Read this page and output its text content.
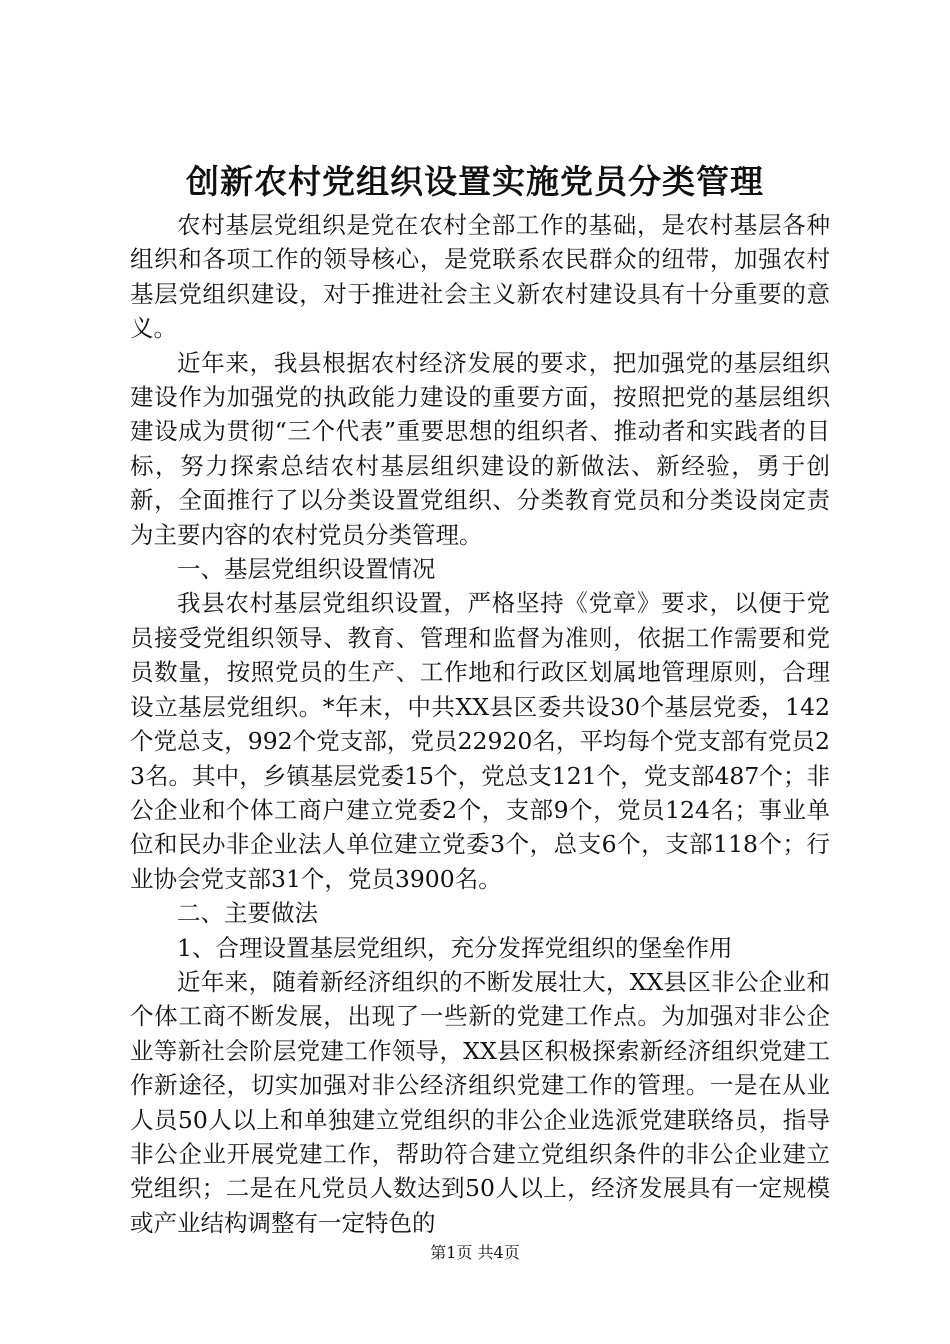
创新农村党组织设置实施党员分类管理

农村基层党组织是党在农村全部工作的基础，是农村基层各种组织和各项工作的领导核心，是党联系农民群众的纽带，加强农村基层党组织建设，对于推进社会主义新农村建设具有十分重要的意义。

近年来，我县根据农村经济发展的要求，把加强党的基层组织建设作为加强党的执政能力建设的重要方面，按照把党的基层组织建设成为贯彻“三个代表”重要思想的组织者、推动者和实践者的目标，努力探索总结农村基层组织建设的新做法、新经验，勇于创新，全面推行了以分类设置党组织、分类教育党员和分类设岗定责为主要内容的农村党员分类管理。

一、基层党组织设置情况

我县农村基层党组织设置，严格坚持《党章》要求，以便于党员接受党组织领导、教育、管理和监督为准则，依据工作需要和党员数量，按照党员的生产、工作地和行政区划属地管理原则，合理设立基层党组织。*年末，中共XX县区委共设30个基层党委，142个党总支，992个党支部，党员22920名，平均每个党支部有党员23名。其中，乡镇基层党委15个，党总支121个，党支部487个；非公企业和个体工商户建立党委2个，支部9个，党员124名；事业单位和民办非企业法人单位建立党委3个，总支6个，支部118个；行业协会党支部31个，党员3900名。

二、主要做法

1、合理设置基层党组织，充分发挥党组织的堡垒作用

近年来，随着新经济组织的不断发展壮大，XX县区非公企业和个体工商不断发展，出现了一些新的党建工作点。为加强对非公企业等新社会阶层党建工作领导，XX县区积极探索新经济组织党建工作新途径，切实加强对非公经济组织党建工作的管理。一是在从业人员50人以上和单独建立党组织的非公企业选派党建联络员，指导非公企业开展党建工作，帮助符合建立党组织条件的非公企业建立党组织；二是在凡党员人数达到50人以上，经济发展具有一定规模或产业结构调整有一定特色的

第1页 共4页
